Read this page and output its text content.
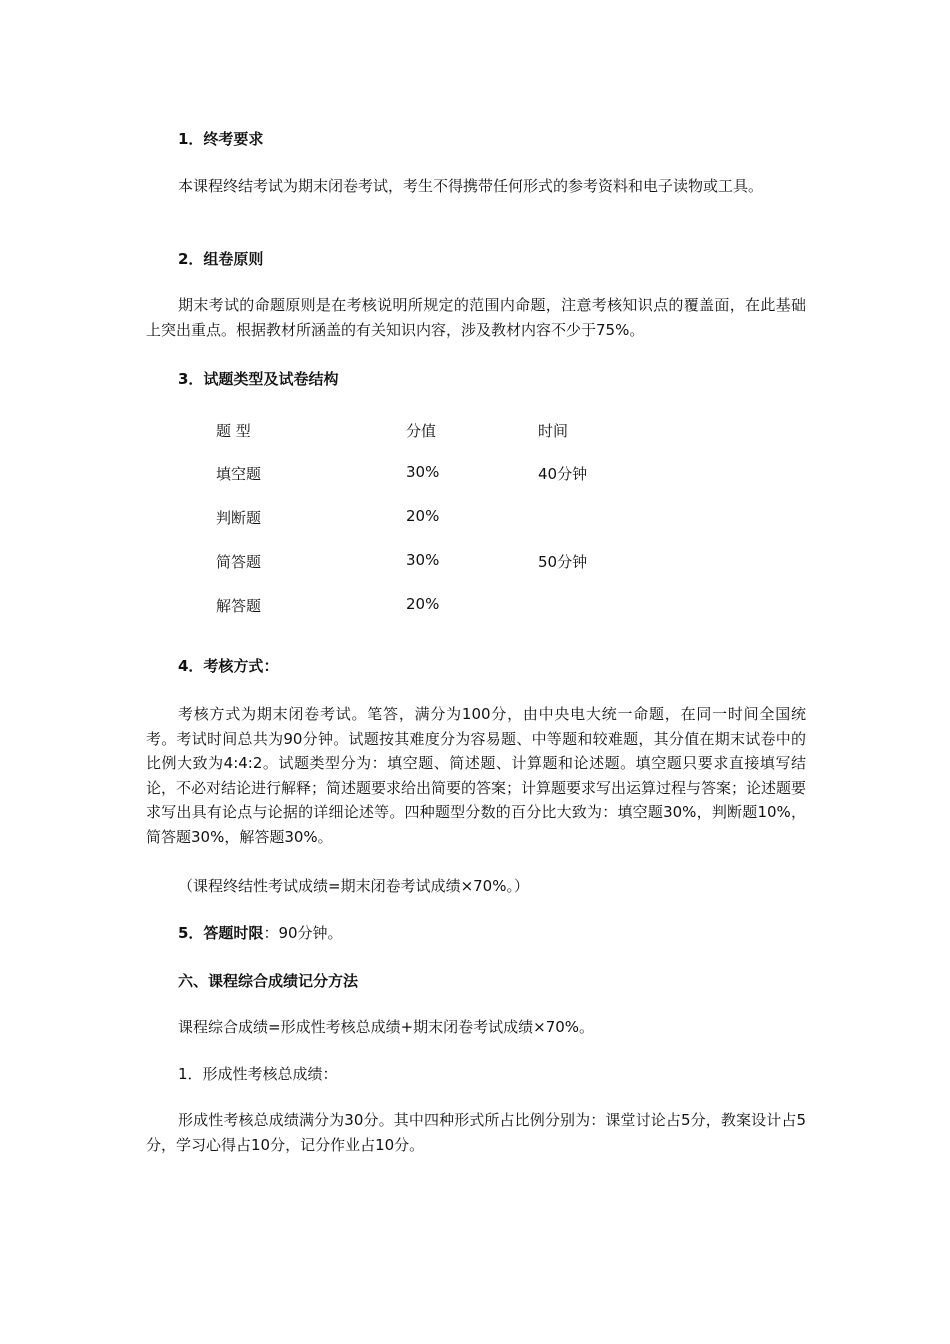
1．终考要求

本课程终结考试为期末闭卷考试，考生不得携带任何形式的参考资料和电子读物或工具。

2．组卷原则

期末考试的命题原则是在考核说明所规定的范围内命题，注意考核知识点的覆盖面，在此基础上突出重点。根据教材所涵盖的有关知识内容，涉及教材内容不少于75%。

3．试题类型及试卷结构
题 型	分值	时间
填空题	30%	40分钟
判断题	20%
简答题	30%	50分钟
解答题	20%
4．考核方式：

考核方式为期末闭卷考试。笔答，满分为100分，由中央电大统一命题，在同一时间全国统考。考试时间总共为90分钟。试题按其难度分为容易题、中等题和较难题，其分值在期末试卷中的比例大致为4:4:2。试题类型分为：填空题、简述题、计算题和论述题。填空题只要求直接填写结论，不必对结论进行解释；简述题要求给出简要的答案；计算题要求写出运算过程与答案；论述题要求写出具有论点与论据的详细论述等。四种题型分数的百分比大致为：填空题30%，判断题10%，简答题30%，解答题30%。

（课程终结性考试成绩=期末闭卷考试成绩×70%。）
5．答题时限：90分钟。
六、课程综合成绩记分方法
课程综合成绩=形成性考核总成绩+期末闭卷考试成绩×70%。
1．形成性考核总成绩：

形成性考核总成绩满分为30分。其中四种形式所占比例分别为：课堂讨论占5分，教案设计占5分，学习心得占10分，记分作业占10分。
